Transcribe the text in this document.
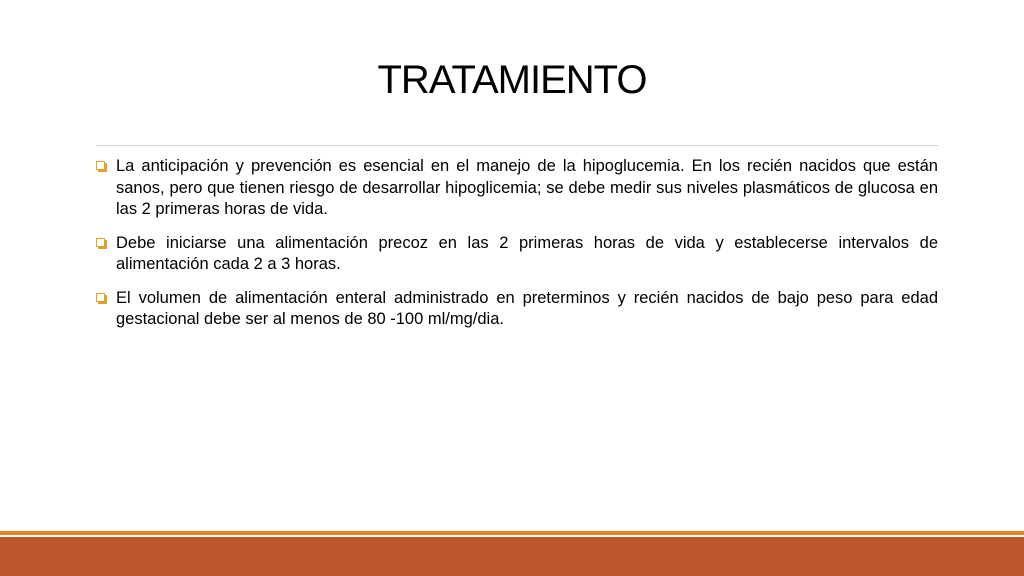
TRATAMIENTO

La anticipación y prevención es esencial en el manejo de la hipoglucemia. En los recién nacidos que están sanos, pero que tienen riesgo de desarrollar hipoglicemia; se debe medir sus niveles plasmáticos de glucosa en las 2 primeras horas de vida.

Debe iniciarse una alimentación precoz en las 2 primeras horas de vida y establecerse intervalos de alimentación cada 2 a 3 horas.

El volumen de alimentación enteral administrado en preterminos y recién nacidos de bajo peso para edad gestacional debe ser al menos de 80 -100 ml/mg/dia.
